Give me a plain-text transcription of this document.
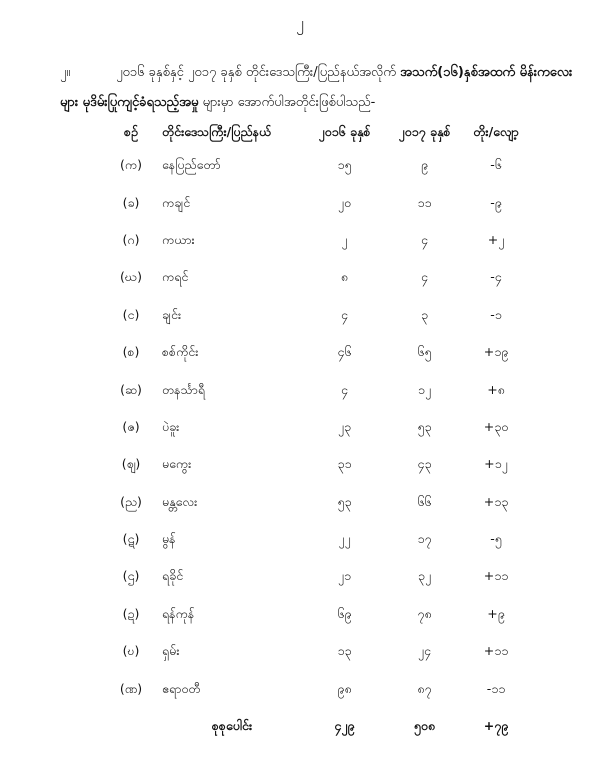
၂
၂။	၂၀၁၆ ခုနှစ်နှင့် ၂၀၁၇ ခုနှစ် တိုင်းဒေသကြီး/ပြည်နယ်အလိုက် အသက်(၁၆)နှစ်အထက် မိန်းကလေးများ မုဒိမ်းပြုကျင့်ခံရသည့်အမှု များမှာ အောက်ပါအတိုင်းဖြစ်ပါသည်-
စဉ်	တိုင်းဒေသကြီး/ပြည်နယ်	၂၀၁၆ ခုနှစ်	၂၀၁၇ ခုနှစ်	တိုး/လျော့
(က)	နေပြည်တော်	၁၅	၉	-၆
(ခ)	ကချင်	၂၀	၁၁	-၉
(ဂ)	ကယား	၂	၄	+၂
(ဃ)	ကရင်	၈	၄	-၄
(င)	ချင်း	၄	၃	-၁
(စ)	စစ်ကိုင်း	၄၆	၆၅	+၁၉
(ဆ)	တနင်္သာရီ	၄	၁၂	+၈
(ဇ)	ပဲခူး	၂၃	၅၃	+၃၀
(ဈ)	မကွေး	၃၁	၄၃	+၁၂
(ည)	မန္တလေး	၅၃	၆၆	+၁၃
(ဋ)	မွန်	၂၂	၁၇	-၅
(ဌ)	ရခိုင်	၂၁	၃၂	+၁၁
(ဍ)	ရန်ကုန်	၆၉	၇၈	+၉
(ဎ)	ရှမ်း	၁၃	၂၄	+၁၁
(ဏ)	ဧရာဝတီ	၉၈	၈၇	-၁၁
	စုစုပေါင်း	၄၂၉	၅၀၈	+၇၉
